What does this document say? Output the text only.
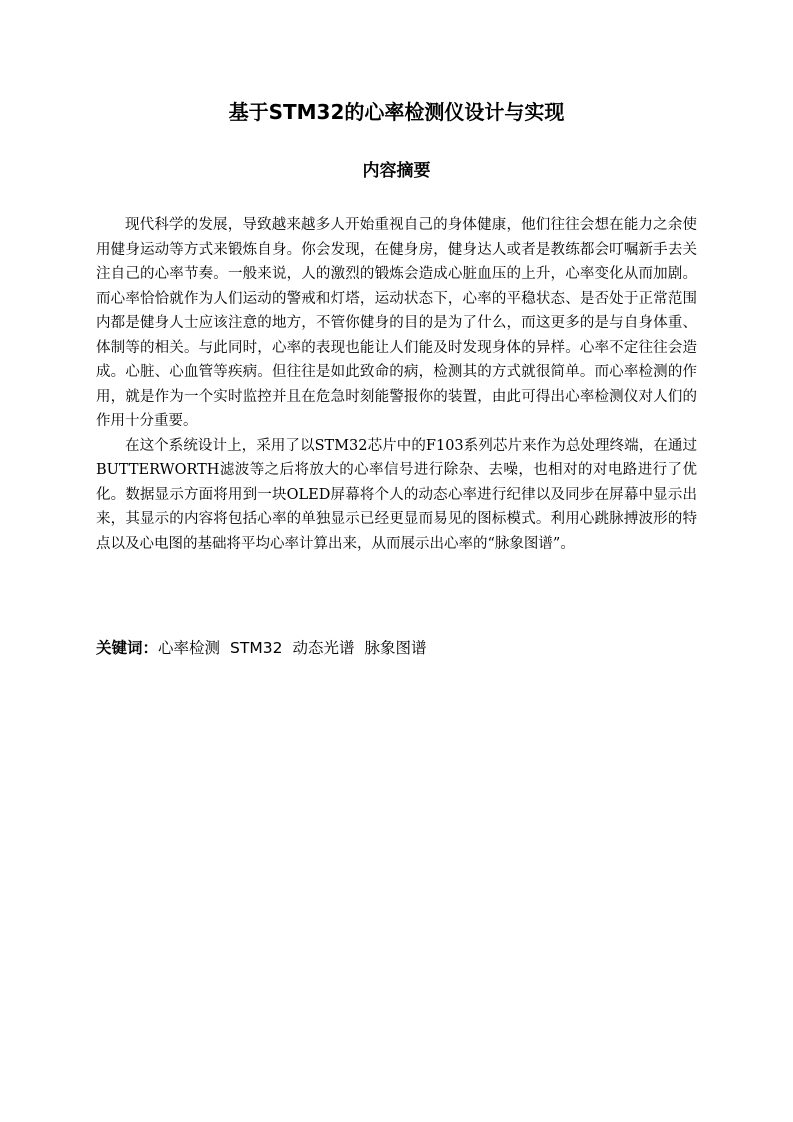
基于STM32的心率检测仪设计与实现
内容摘要

现代科学的发展，导致越来越多人开始重视自己的身体健康，他们往往会想在能力之余使用健身运动等方式来锻炼自身。你会发现，在健身房，健身达人或者是教练都会叮嘱新手去关注自己的心率节奏。一般来说，人的激烈的锻炼会造成心脏血压的上升，心率变化从而加剧。而心率恰恰就作为人们运动的警戒和灯塔，运动状态下，心率的平稳状态、是否处于正常范围内都是健身人士应该注意的地方，不管你健身的目的是为了什么，而这更多的是与自身体重、体制等的相关。与此同时，心率的表现也能让人们能及时发现身体的异样。心率不定往往会造成。心脏、心血管等疾病。但往往是如此致命的病，检测其的方式就很简单。而心率检测的作用，就是作为一个实时监控并且在危急时刻能警报你的装置，由此可得出心率检测仪对人们的作用十分重要。

在这个系统设计上，采用了以STM32芯片中的F103系列芯片来作为总处理终端，在通过BUTTERWORTH滤波等之后将放大的心率信号进行除杂、去噪，也相对的对电路进行了优化。数据显示方面将用到一块OLED屏幕将个人的动态心率进行纪律以及同步在屏幕中显示出来，其显示的内容将包括心率的单独显示已经更显而易见的图标模式。利用心跳脉搏波形的特点以及心电图的基础将平均心率计算出来，从而展示出心率的“脉象图谱”。

关键词：心率检测 STM32 动态光谱 脉象图谱
